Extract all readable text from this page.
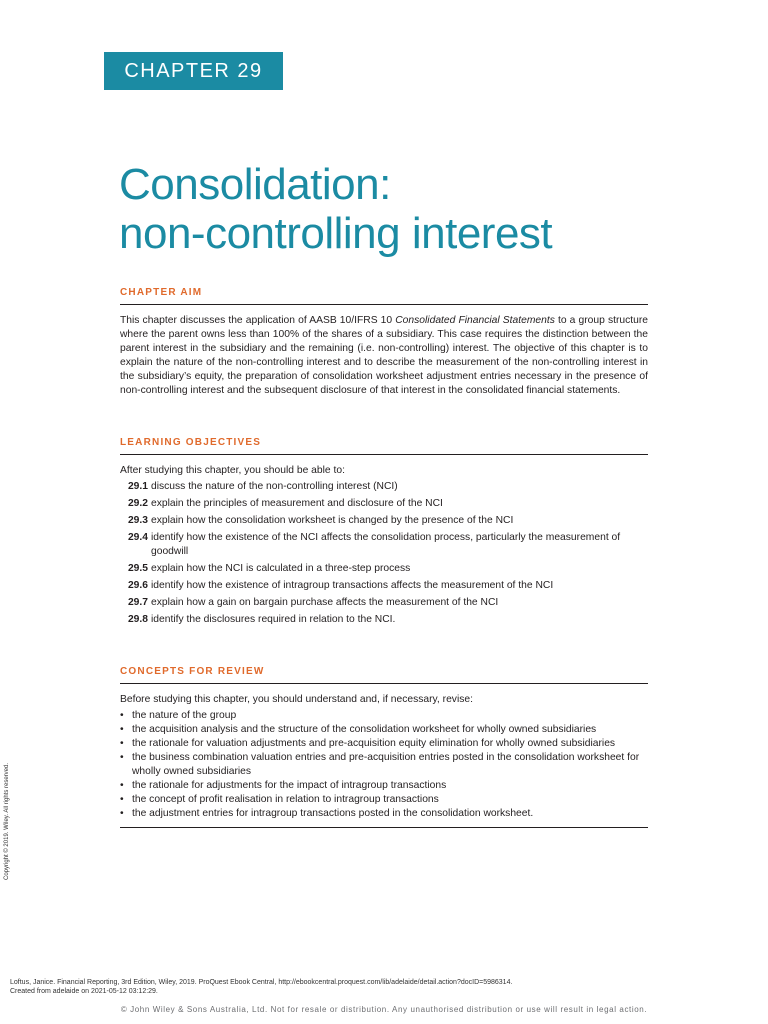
CHAPTER 29
Consolidation:
non-controlling interest
CHAPTER AIM

This chapter discusses the application of AASB 10/IFRS 10 Consolidated Financial Statements to a group structure where the parent owns less than 100% of the shares of a subsidiary. This case requires the distinction between the parent interest in the subsidiary and the remaining (i.e. non-controlling) interest. The objective of this chapter is to explain the nature of the non-controlling interest and to describe the measurement of the non-controlling interest in the subsidiary’s equity, the preparation of consolidation worksheet adjustment entries necessary in the presence of non-controlling interest and the subsequent disclosure of that interest in the consolidated financial statements.

LEARNING OBJECTIVES

After studying this chapter, you should be able to:

29.1 discuss the nature of the non-controlling interest (NCI)
29.2 explain the principles of measurement and disclosure of the NCI
29.3 explain how the consolidation worksheet is changed by the presence of the NCI
29.4 identify how the existence of the NCI affects the consolidation process, particularly the measurement of goodwill
29.5 explain how the NCI is calculated in a three-step process
29.6 identify how the existence of intragroup transactions affects the measurement of the NCI
29.7 explain how a gain on bargain purchase affects the measurement of the NCI
29.8 identify the disclosures required in relation to the NCI.
CONCEPTS FOR REVIEW

Before studying this chapter, you should understand and, if necessary, revise:

• the nature of the group
• the acquisition analysis and the structure of the consolidation worksheet for wholly owned subsidiaries
• the rationale for valuation adjustments and pre-acquisition equity elimination for wholly owned subsidiaries
• the business combination valuation entries and pre-acquisition entries posted in the consolidation worksheet for wholly owned subsidiaries
• the rationale for adjustments for the impact of intragroup transactions
• the concept of profit realisation in relation to intragroup transactions
• the adjustment entries for intragroup transactions posted in the consolidation worksheet.
Copyright © 2019. Wiley. All rights reserved.
Loftus, Janice. Financial Reporting, 3rd Edition, Wiley, 2019. ProQuest Ebook Central, http://ebookcentral.proquest.com/lib/adelaide/detail.action?docID=5986314.
Created from adelaide on 2021-05-12 03:12:29.
© John Wiley & Sons Australia, Ltd. Not for resale or distribution. Any unauthorised distribution or use will result in legal action.
